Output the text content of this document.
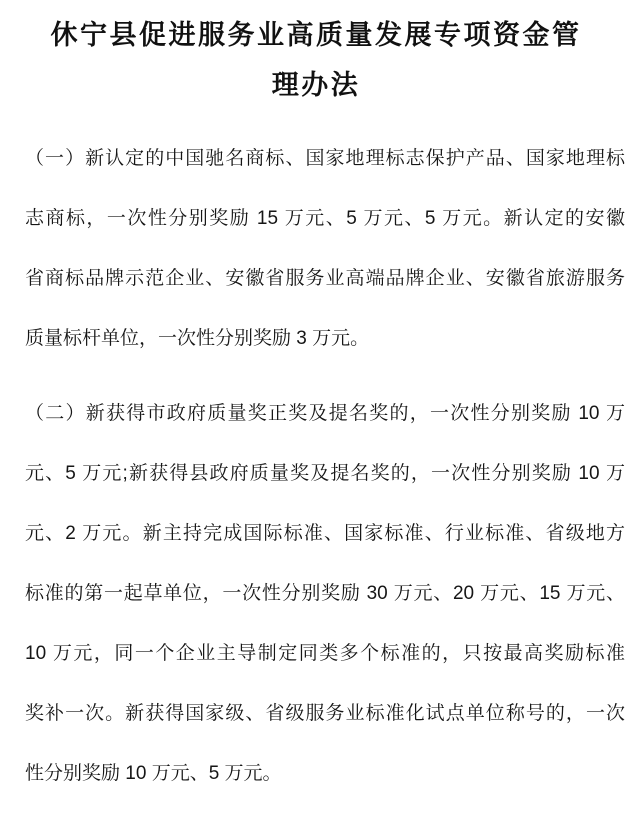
休宁县促进服务业高质量发展专项资金管
理办法
（一）新认定的中国驰名商标、国家地理标志保护产品、国家地理标
志商标，一次性分别奖励 15 万元、5 万元、5 万元。新认定的安徽
省商标品牌示范企业、安徽省服务业高端品牌企业、安徽省旅游服务
质量标杆单位，一次性分别奖励 3 万元。
（二）新获得市政府质量奖正奖及提名奖的，一次性分别奖励 10 万
元、5 万元;新获得县政府质量奖及提名奖的，一次性分别奖励 10 万
元、2 万元。新主持完成国际标准、国家标准、行业标准、省级地方
标准的第一起草单位，一次性分别奖励 30 万元、20 万元、15 万元、
10 万元，同一个企业主导制定同类多个标准的，只按最高奖励标准
奖补一次。新获得国家级、省级服务业标准化试点单位称号的，一次
性分别奖励 10 万元、5 万元。
